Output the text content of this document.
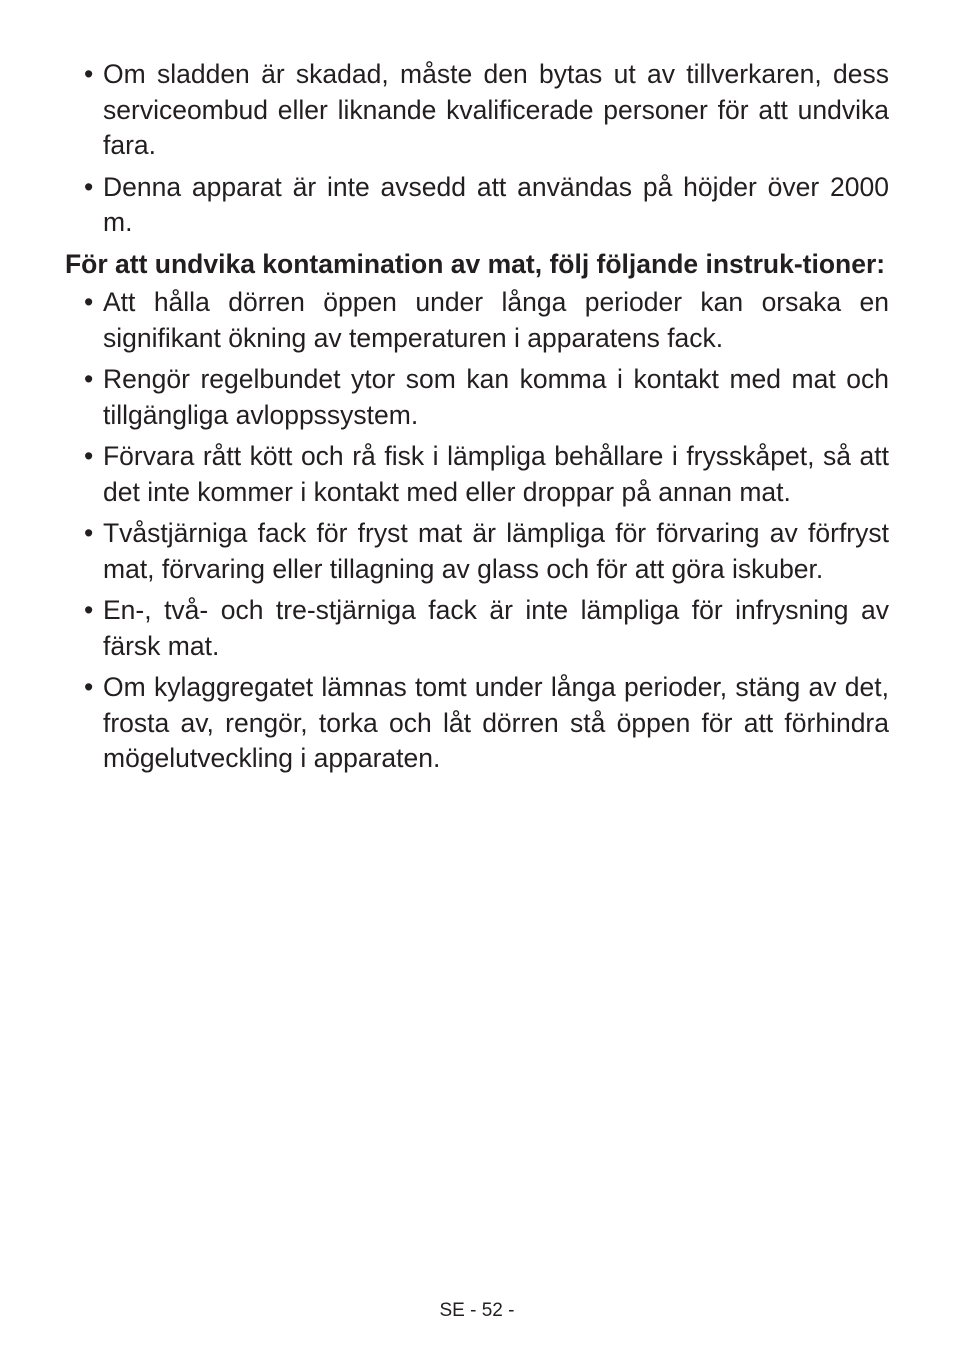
• Om sladden är skadad, måste den bytas ut av tillverkaren, dess serviceombud eller liknande kvalificerade personer för att undvika fara.
• Denna apparat är inte avsedd att användas på höjder över 2000 m.
För att undvika kontamination av mat, följ följande instruk-tioner:
• Att hålla dörren öppen under långa perioder kan orsaka en signifikant ökning av temperaturen i apparatens fack.
• Rengör regelbundet ytor som kan komma i kontakt med mat och tillgängliga avloppssystem.
• Förvara rått kött och rå fisk i lämpliga behållare i frysskåpet, så att det inte kommer i kontakt med eller droppar på annan mat.
• Tvåstjärniga fack för fryst mat är lämpliga för förvaring av förfryst mat, förvaring eller tillagning av glass och för att göra iskuber.
• En-, två- och tre-stjärniga fack är inte lämpliga för infrysning av färsk mat.
• Om kylaggregatet lämnas tomt under långa perioder, stäng av det, frosta av, rengör, torka och låt dörren stå öppen för att förhindra mögelutveckling i apparaten.
SE - 52 -
